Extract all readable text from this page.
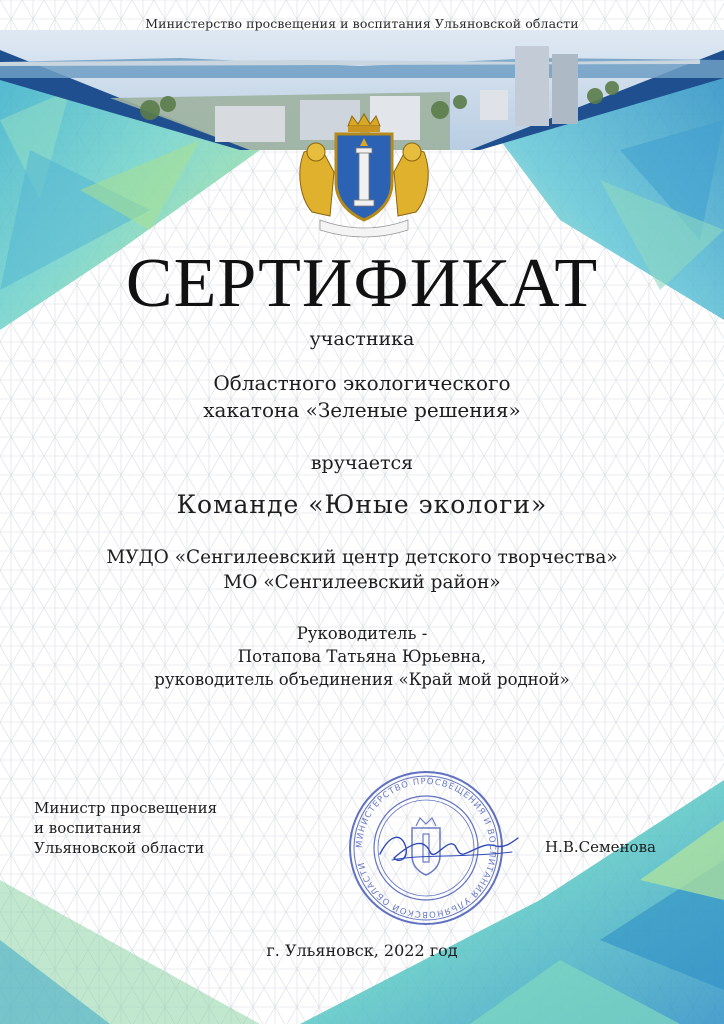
Министерство просвещения и воспитания Ульяновской области
СЕРТИФИКАТ
участника
Областного экологического
хакатона «Зеленые решения»
вручается
Команде «Юные экологи»
МУДО «Сенгилеевский центр детского творчества»
МО «Сенгилеевский район»
Руководитель -
Потапова Татьяна Юрьевна,
руководитель объединения «Край мой родной»
Министр просвещения
и воспитания
Ульяновской области	МИНИСТЕРСТВО ПРОСВЕЩЕНИЯ И ВОСПИТАНИЯ УЛЬЯНОВСКОЙ ОБЛАСТИ
Н.В.Семенова
г. Ульяновск, 2022 год
